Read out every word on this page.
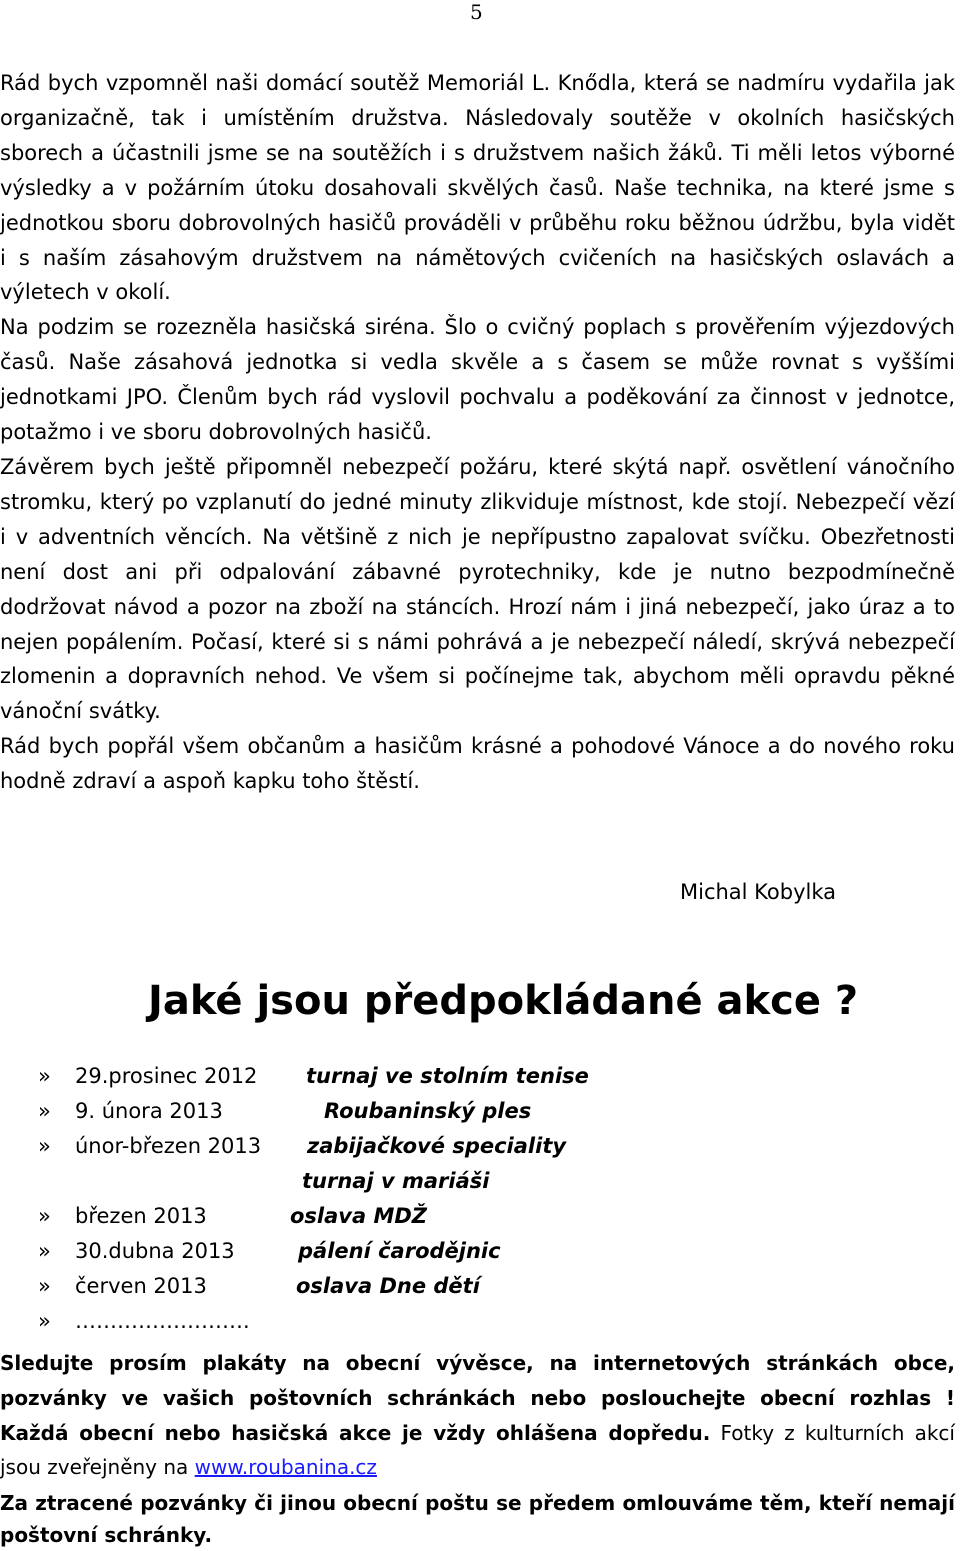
5

Rád bych vzpomněl naši domácí soutěž Memoriál L. Knődla, která se nadmíru vydařila jak organizačně, tak i umístěním družstva. Následovaly soutěže v okolních hasičských sborech a účastnili jsme se na soutěžích i s družstvem našich žáků. Ti měli letos výborné výsledky a v požárním útoku dosahovali skvělých časů. Naše technika, na které jsme s jednotkou sboru dobrovolných hasičů prováděli v průběhu roku běžnou údržbu, byla vidět i s naším zásahovým družstvem na námětových cvičeních na hasičských oslavách a výletech v okolí.

Na podzim se rozezněla hasičská siréna. Šlo o cvičný poplach s prověřením výjezdových časů. Naše zásahová jednotka si vedla skvěle a s časem se může rovnat s vyššími jednotkami JPO. Členům bych rád vyslovil pochvalu a poděkování za činnost v jednotce, potažmo i ve sboru dobrovolných hasičů.

Závěrem bych ještě připomněl nebezpečí požáru, které skýtá např. osvětlení vánočního stromku, který po vzplanutí do jedné minuty zlikviduje místnost, kde stojí. Nebezpečí vězí i v adventních věncích. Na většině z nich je nepřípustno zapalovat svíčku. Obezřetnosti není dost ani při odpalování zábavné pyrotechniky, kde je nutno bezpodmínečně dodržovat návod a pozor na zboží na stáncích. Hrozí nám i jiná nebezpečí, jako úraz a to nejen popálením. Počasí, které si s námi pohrává a je nebezpečí náledí, skrývá nebezpečí zlomenin a dopravních nehod. Ve všem si počínejme tak, abychom měli opravdu pěkné vánoční svátky.

Rád bych popřál všem občanům a hasičům krásné a pohodové Vánoce a do nového roku hodně zdraví a aspoň kapku toho štěstí.

Michal Kobylka
Jaké jsou předpokládané akce ?
» 29.prosinec 2012 turnaj ve stolním tenise
» 9. února 2013	Roubaninský ples
» únor-březen 2013 zabijačkové speciality
turnaj v mariáši
» březen 2013	oslava MDŽ
» 30.dubna 2013	pálení čarodějnic
» červen 2013	oslava Dne dětí
» …………………….

Sledujte prosím plakáty na obecní vývěsce, na internetových stránkách obce, pozvánky ve vašich poštovních schránkách nebo poslouchejte obecní rozhlas ! Každá obecní nebo hasičská akce je vždy ohlášena dopředu. Fotky z kulturních akcí jsou zveřejněny na www.roubanina.cz

Za ztracené pozvánky či jinou obecní poštu se předem omlouváme těm, kteří nemají poštovní schránky.
